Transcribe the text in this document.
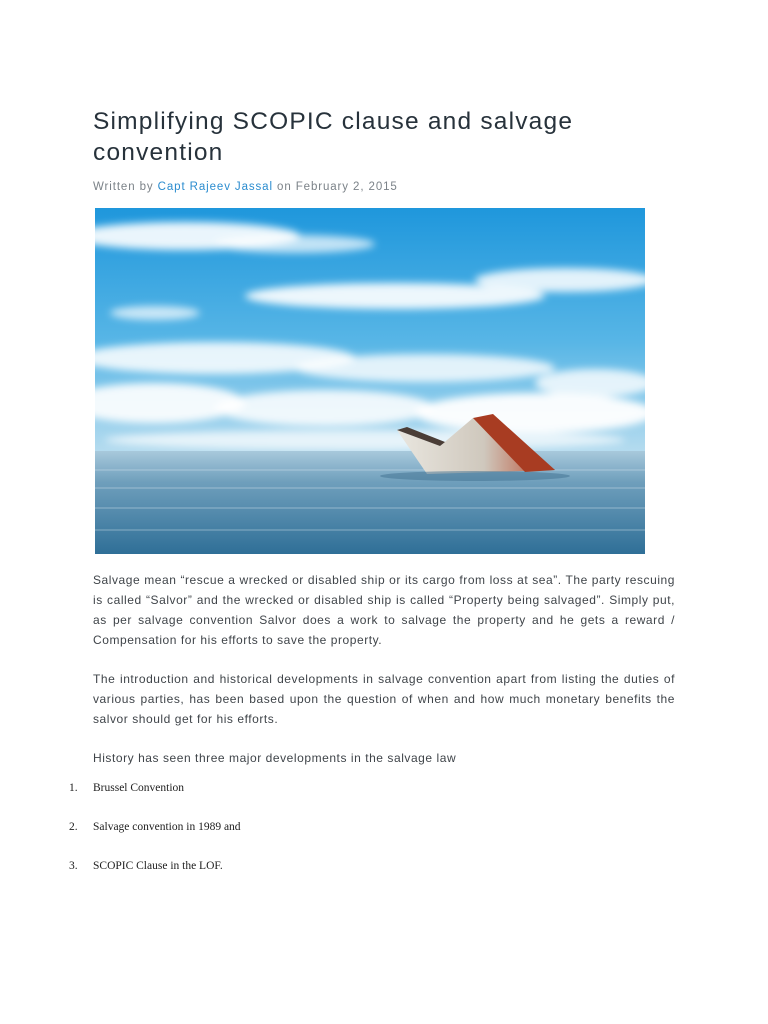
Simplifying SCOPIC clause and salvage convention
Written by Capt Rajeev Jassal on February 2, 2015

Salvage mean “rescue a wrecked or disabled ship or its cargo from loss at sea”. The party rescuing is called “Salvor” and the wrecked or disabled ship is called “Property being salvaged”. Simply put, as per salvage convention Salvor does a work to salvage the property and he gets a reward / Compensation for his efforts to save the property.

The introduction and historical developments in salvage convention apart from listing the duties of various parties, has been based upon the question of when and how much monetary benefits the salvor should get for his efforts.

History has seen three major developments in the salvage law

1.	Brussel Convention
2.	Salvage convention in 1989 and
3.	SCOPIC Clause in the LOF.
